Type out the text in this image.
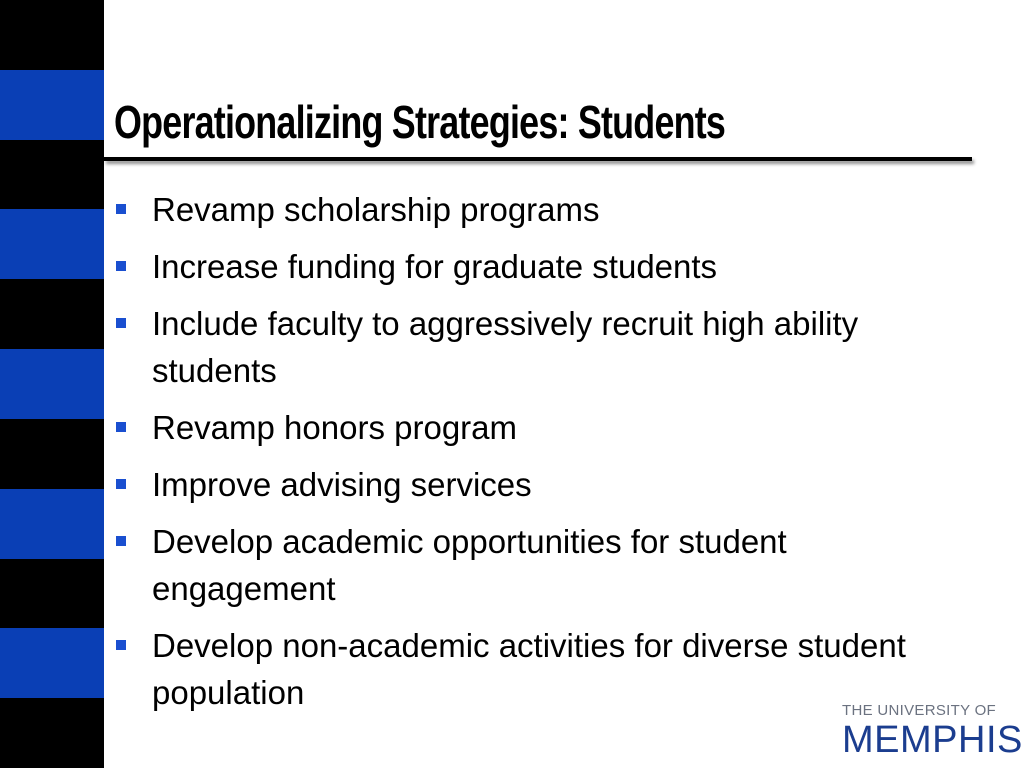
Operationalizing Strategies: Students
Revamp scholarship programs
Increase funding for graduate students
Include faculty to aggressively recruit high ability students
Revamp honors program
Improve advising services
Develop academic opportunities for student engagement
Develop non-academic activities for diverse student population	THE UNIVERSITY OF
MEMPHIS
